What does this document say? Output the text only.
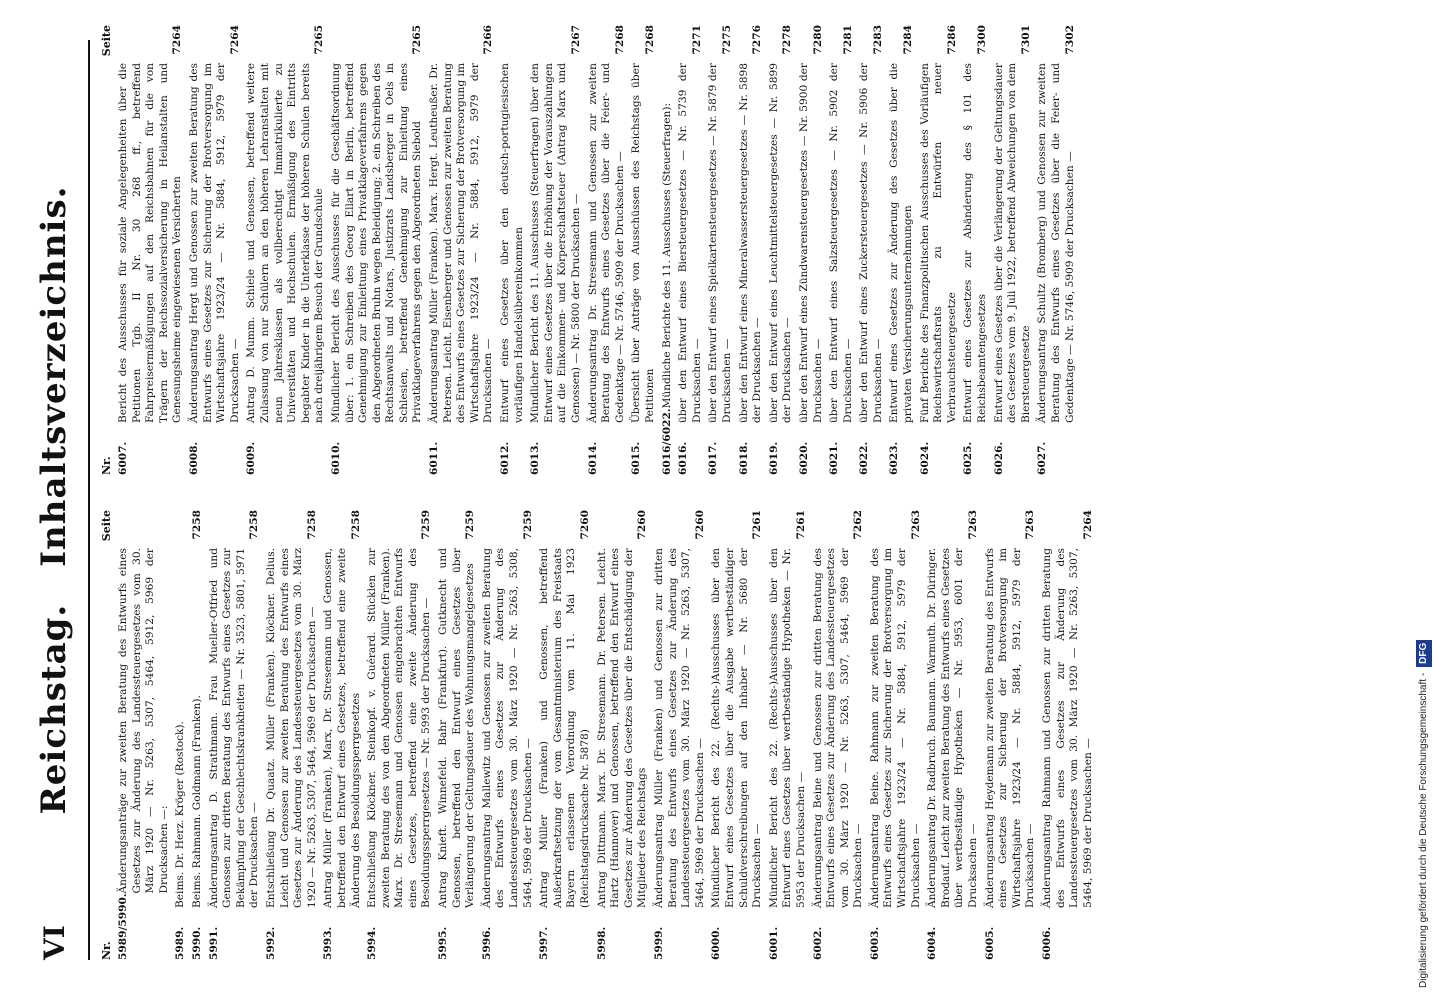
VI
Reichstag. Inhaltsverzeichnis.
Nr.
Seite
5989/5990.
Änderungsanträge zur zweiten Beratung des Entwurfs eines Gesetzes zur Änderung des Landessteuergesetzes vom 30. März 1920 — Nr. 5263, 5307, 5464, 5912, 5969 der Drucksachen —:
5989.
Beims. Dr. Herz. Kröger (Rostock).
5990.
Beims. Rahmann. Goldmann (Franken).
7258
5991.
Änderungsantrag D. Strathmann. Frau Mueller-Otfried und Genossen zur dritten Beratung des Entwurfs eines Gesetzes zur Bekämpfung der Geschlechtskrankheiten — Nr. 3523, 5801, 5971 der Drucksachen —
7258
5992.
Entschließung Dr. Quaatz. Müller (Franken). Klöckner. Delius. Leicht und Genossen zur zweiten Beratung des Entwurfs eines Gesetzes zur Änderung des Landessteuergesetzes vom 30. März 1920 — Nr. 5263, 5307, 5464, 5969 der Drucksachen —
7258
5993.
Antrag Müller (Franken), Marx, Dr. Stresemann und Genossen, betreffend den Entwurf eines Gesetzes, betreffend eine zweite Änderung des Besoldungssperrgesetzes
7258
5994.
Entschließung Klöckner. Steinkopf. v. Guérard. Stücklen zur zweiten Beratung des von den Abgeordneten Müller (Franken). Marx. Dr. Stresemann und Genossen eingebrachten Entwurfs eines Gesetzes, betreffend eine zweite Änderung des Besoldungssperrgesetzes — Nr. 5993 der Drucksachen —
7259
5995.
Antrag Knieft. Winnefeld. Bahr (Frankfurt). Gutknecht und Genossen, betreffend den Entwurf eines Gesetzes über Verlängerung der Geltungsdauer des Wohnungsmangelgesetzes
7259
5996.
Änderungsantrag Mallewitz und Genossen zur zweiten Beratung des Entwurfs eines Gesetzes zur Änderung des Landessteuergesetzes vom 30. März 1920 — Nr. 5263, 5308, 5464, 5969 der Drucksachen —
7259
5997.
Antrag Müller (Franken) und Genossen, betreffend Außerkraftsetzung der vom Gesamtministerium des Freistaats Bayern erlassenen Verordnung vom 11. Mai 1923 (Reichstagsdrucksache Nr. 5878)
7260
5998.
Antrag Dittmann. Marx. Dr. Stresemann. Dr. Petersen. Leicht. Hartz (Hannover) und Genossen, betreffend den Entwurf eines Gesetzes zur Änderung des Gesetzes über die Entschädigung der Mitglieder des Reichstags
7260
5999.
Änderungsantrag Müller (Franken) und Genossen zur dritten Beratung des Entwurfs eines Gesetzes zur Änderung des Landessteuergesetzes vom 30. März 1920 — Nr. 5263, 5307, 5464, 5969 der Drucksachen —
7260
6000.
Mündlicher Bericht des 22. (Rechts-)Ausschusses über den Entwurf eines Gesetzes über die Ausgabe wertbeständiger Schuldverschreibungen auf den Inhaber — Nr. 5680 der Drucksachen —
7261
6001.
Mündlicher Bericht des 22. (Rechts-)Ausschusses über den Entwurf eines Gesetzes über wertbeständige Hypotheken — Nr. 5953 der Drucksachen —
7261
6002.
Änderungsantrag Beine und Genossen zur dritten Beratung des Entwurfs eines Gesetzes zur Änderung des Landessteuergesetzes vom 30. März 1920 — Nr. 5263, 5307, 5464, 5969 der Drucksachen —
7262
6003.
Änderungsantrag Beine. Rahmann zur zweiten Beratung des Entwurfs eines Gesetzes zur Sicherung der Brotversorgung im Wirtschaftsjahre 1923/24 — Nr. 5884, 5912, 5979 der Drucksachen —
7263
6004.
Änderungsantrag Dr. Radbruch. Baumann. Warmuth. Dr. Düringer. Brodauf. Leicht zur zweiten Beratung des Entwurfs eines Gesetzes über wertbeständige Hypotheken — Nr. 5953, 6001 der Drucksachen —
7263
6005.
Änderungsantrag Heydemann zur zweiten Beratung des Entwurfs eines Gesetzes zur Sicherung der Brotversorgung im Wirtschaftsjahre 1923/24 — Nr. 5884, 5912, 5979 der Drucksachen —
7263
6006.
Änderungsantrag Rahmann und Genossen zur dritten Beratung des Entwurfs eines Gesetzes zur Änderung des Landessteuergesetzes vom 30. März 1920 — Nr. 5263, 5307, 5464, 5969 der Drucksachen —
7264
Nr.
Seite
6007.
Bericht des Ausschusses für soziale Angelegenheiten über die Petitionen Tgb. II Nr. 30 268 ff., betreffend Fahrpreisermäßigungen auf den Reichsbahnen für die von Trägern der Reichssozialversicherung in Heilanstalten und Genesungsheime eingewiesenen Versicherten
7264
6008.
Änderungsantrag Hergt und Genossen zur zweiten Beratung des Entwurfs eines Gesetzes zur Sicherung der Brotversorgung im Wirtschaftsjahre 1923/24 — Nr. 5884, 5912, 5979 der Drucksachen —
7264
6009.
Antrag D. Mumm. Schiele und Genossen, betreffend weitere Zulassung von nur Schülern an den höheren Lehranstalten mit neun Jahresklassen als vollberechtigt Immatrikulierte zu Universitäten und Hochschulen. Ermäßigung des Eintritts begabter Kinder in die Unterklasse der höheren Schulen bereits nach dreijährigem Besuch der Grundschule
7265
6010.
Mündlicher Bericht des Ausschusses für die Geschäftsordnung über: 1. ein Schreiben des Georg Ellart in Berlin, betreffend Genehmigung zur Einleitung eines Privatklageverfahrens gegen den Abgeordneten Bruhn wegen Beleidigung; 2. ein Schreiben des Rechtsanwalts und Notars, Justizrats Landsberger in Oels in Schlesien, betreffend Genehmigung zur Einleitung eines Privatklageverfahrens gegen den Abgeordneten Siebold
7265
6011.
Änderungsantrag Müller (Franken). Marx. Hergt. Leutheußer. Dr. Petersen. Leicht. Eisenberger und Genossen zur zweiten Beratung des Entwurfs eines Gesetzes zur Sicherung der Brotversorgung im Wirtschaftsjahre 1923/24 — Nr. 5884, 5912, 5979 der Drucksachen —
7266
6012.
Entwurf eines Gesetzes über den deutsch-portugiesischen vorläufigen Handelsübereinkommen
6013.
Mündlicher Bericht des 11. Ausschusses (Steuerfragen) über den Entwurf eines Gesetzes über die Erhöhung der Vorauszahlungen auf die Einkommen- und Körperschaftsteuer (Antrag Marx und Genossen) — Nr. 5800 der Drucksachen —
7267
6014.
Änderungsantrag Dr. Stresemann und Genossen zur zweiten Beratung des Entwurfs eines Gesetzes über die Feier- und Gedenktage — Nr. 5746, 5909 der Drucksachen —
7268
6015.
Übersicht über Anträge von Ausschüssen des Reichstags über Petitionen
7268
6016/6022.
Mündliche Berichte des 11. Ausschusses (Steuerfragen):
6016.
über den Entwurf eines Biersteuergesetzes — Nr. 5739 der Drucksachen —
7271
6017.
über den Entwurf eines Spielkartensteuergesetzes — Nr. 5879 der Drucksachen —
7275
6018.
über den Entwurf eines Mineralwassersteuergesetzes — Nr. 5898 der Drucksachen —
7276
6019.
über den Entwurf eines Leuchtmittelsteuergesetzes — Nr. 5899 der Drucksachen —
7278
6020.
über den Entwurf eines Zündwarensteuergesetzes — Nr. 5900 der Drucksachen —
7280
6021.
über den Entwurf eines Salzsteuergesetzes — Nr. 5902 der Drucksachen —
7281
6022.
über den Entwurf eines Zuckersteuergesetzes — Nr. 5906 der Drucksachen —
7283
6023.
Entwurf eines Gesetzes zur Änderung des Gesetzes über die privaten Versicherungsunternehmungen
7284
6024.
Fünf Berichte des Finanzpolitischen Ausschusses des Vorläufigen Reichswirtschaftsrats zu Entwürfen neuer Verbrauchsteuergesetze
7286
6025.
Entwurf eines Gesetzes zur Abänderung des § 101 des Reichsbeamtengesetzes
7300
6026.
Entwurf eines Gesetzes über die Verlängerung der Geltungsdauer des Gesetzes vom 9. Juli 1922, betreffend Abweichungen von dem Biersteuergesetze
7301
6027.
Änderungsantrag Schultz (Bromberg) und Genossen zur zweiten Beratung des Entwurfs eines Gesetzes über die Feier- und Gedenktage — Nr. 5746, 5909 der Drucksachen —
7302
Digitalisierung gefördert durch die Deutsche Forschungsgemeinschaft -DFG
